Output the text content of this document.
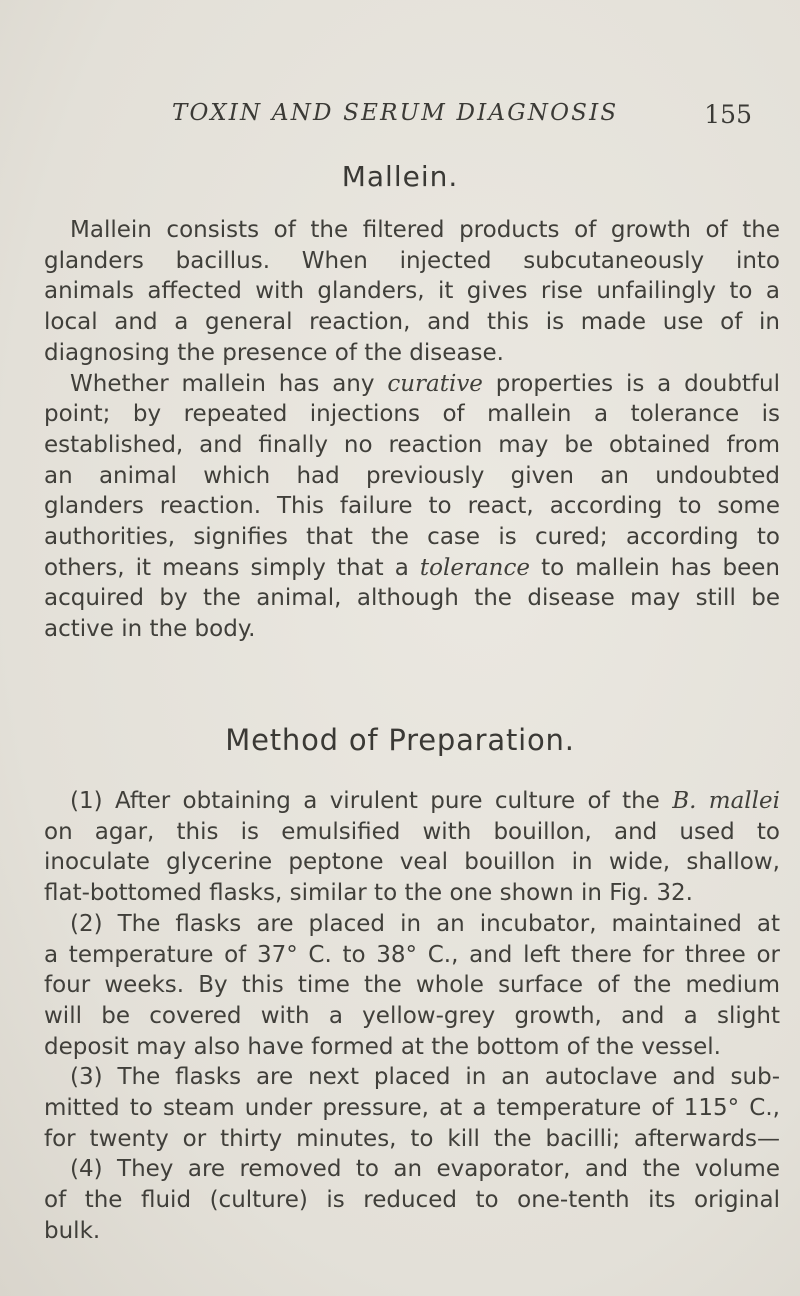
TOXIN AND SERUM DIAGNOSIS	155
Mallein.
Mallein consists of the filtered products of growth of the
glanders bacillus. When injected subcutaneously into
animals affected with glanders, it gives rise unfailingly to a
local and a general reaction, and this is made use of in
diagnosing the presence of the disease.
Whether mallein has any curative properties is a doubtful
point; by repeated injections of mallein a tolerance is
established, and finally no reaction may be obtained from
an animal which had previously given an undoubted
glanders reaction. This failure to react, according to some
authorities, signifies that the case is cured; according to
others, it means simply that a tolerance to mallein has been
acquired by the animal, although the disease may still be
active in the body.
Method of Preparation.
(1) After obtaining a virulent pure culture of the B. mallei
on agar, this is emulsified with bouillon, and used to
inoculate glycerine peptone veal bouillon in wide, shallow,
flat-bottomed flasks, similar to the one shown in Fig. 32.
(2) The flasks are placed in an incubator, maintained at
a temperature of 37° C. to 38° C., and left there for three or
four weeks. By this time the whole surface of the medium
will be covered with a yellow-grey growth, and a slight
deposit may also have formed at the bottom of the vessel.
(3) The flasks are next placed in an autoclave and sub-
mitted to steam under pressure, at a temperature of 115° C.,
for twenty or thirty minutes, to kill the bacilli; afterwards—
(4) They are removed to an evaporator, and the volume
of the fluid (culture) is reduced to one-tenth its original
bulk.
